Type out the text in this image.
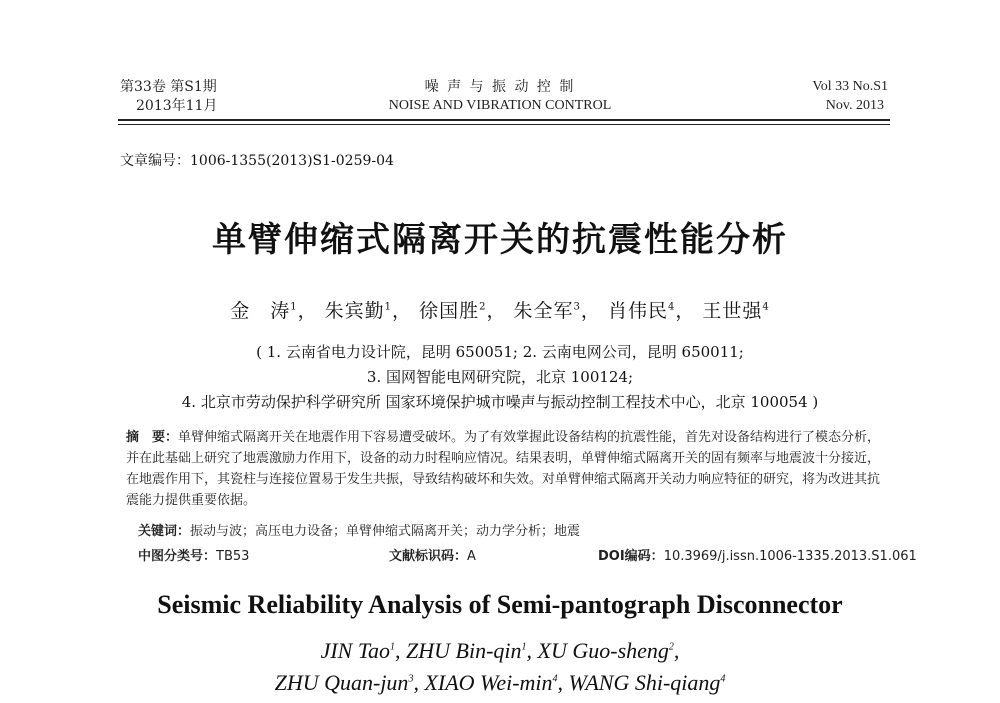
第33卷 第S1期
2013年11月
噪 声 与 振 动 控 制
NOISE AND VIBRATION CONTROL
Vol 33 No.S1
Nov. 2013
文章编号：1006-1355(2013)S1-0259-04
单臂伸缩式隔离开关的抗震性能分析
金　涛$^1$， 朱宾勤$^1$， 徐国胜$^2$， 朱全军$^3$， 肖伟民$^4$， 王世强$^4$
( 1. 云南省电力设计院，昆明 650051; 2. 云南电网公司，昆明 650011;
3. 国网智能电网研究院，北京 100124;
4. 北京市劳动保护科学研究所 国家环境保护城市噪声与振动控制工程技术中心，北京 100054 )
摘　要：单臂伸缩式隔离开关在地震作用下容易遭受破坏。为了有效掌握此设备结构的抗震性能，首先对设备结构进行了模态分析，并在此基础上研究了地震激励力作用下，设备的动力时程响应情况。结果表明，单臂伸缩式隔离开关的固有频率与地震波十分接近，在地震作用下，其瓷柱与连接位置易于发生共振，导致结构破坏和失效。对单臂伸缩式隔离开关动力响应特征的研究，将为改进其抗震能力提供重要依据。
关键词：振动与波；高压电力设备；单臂伸缩式隔离开关；动力学分析；地震
中图分类号：TB53	文献标识码：A	DOI编码：10.3969/j.issn.1006-1335.2013.S1.061
Seismic Reliability Analysis of Semi-pantograph Disconnector
JIN Tao$^1$, ZHU Bin-qin$^1$, XU Guo-sheng$^2$,
ZHU Quan-jun$^3$, XIAO Wei-$\min^4$, WANG Shi-qiang$^4$
